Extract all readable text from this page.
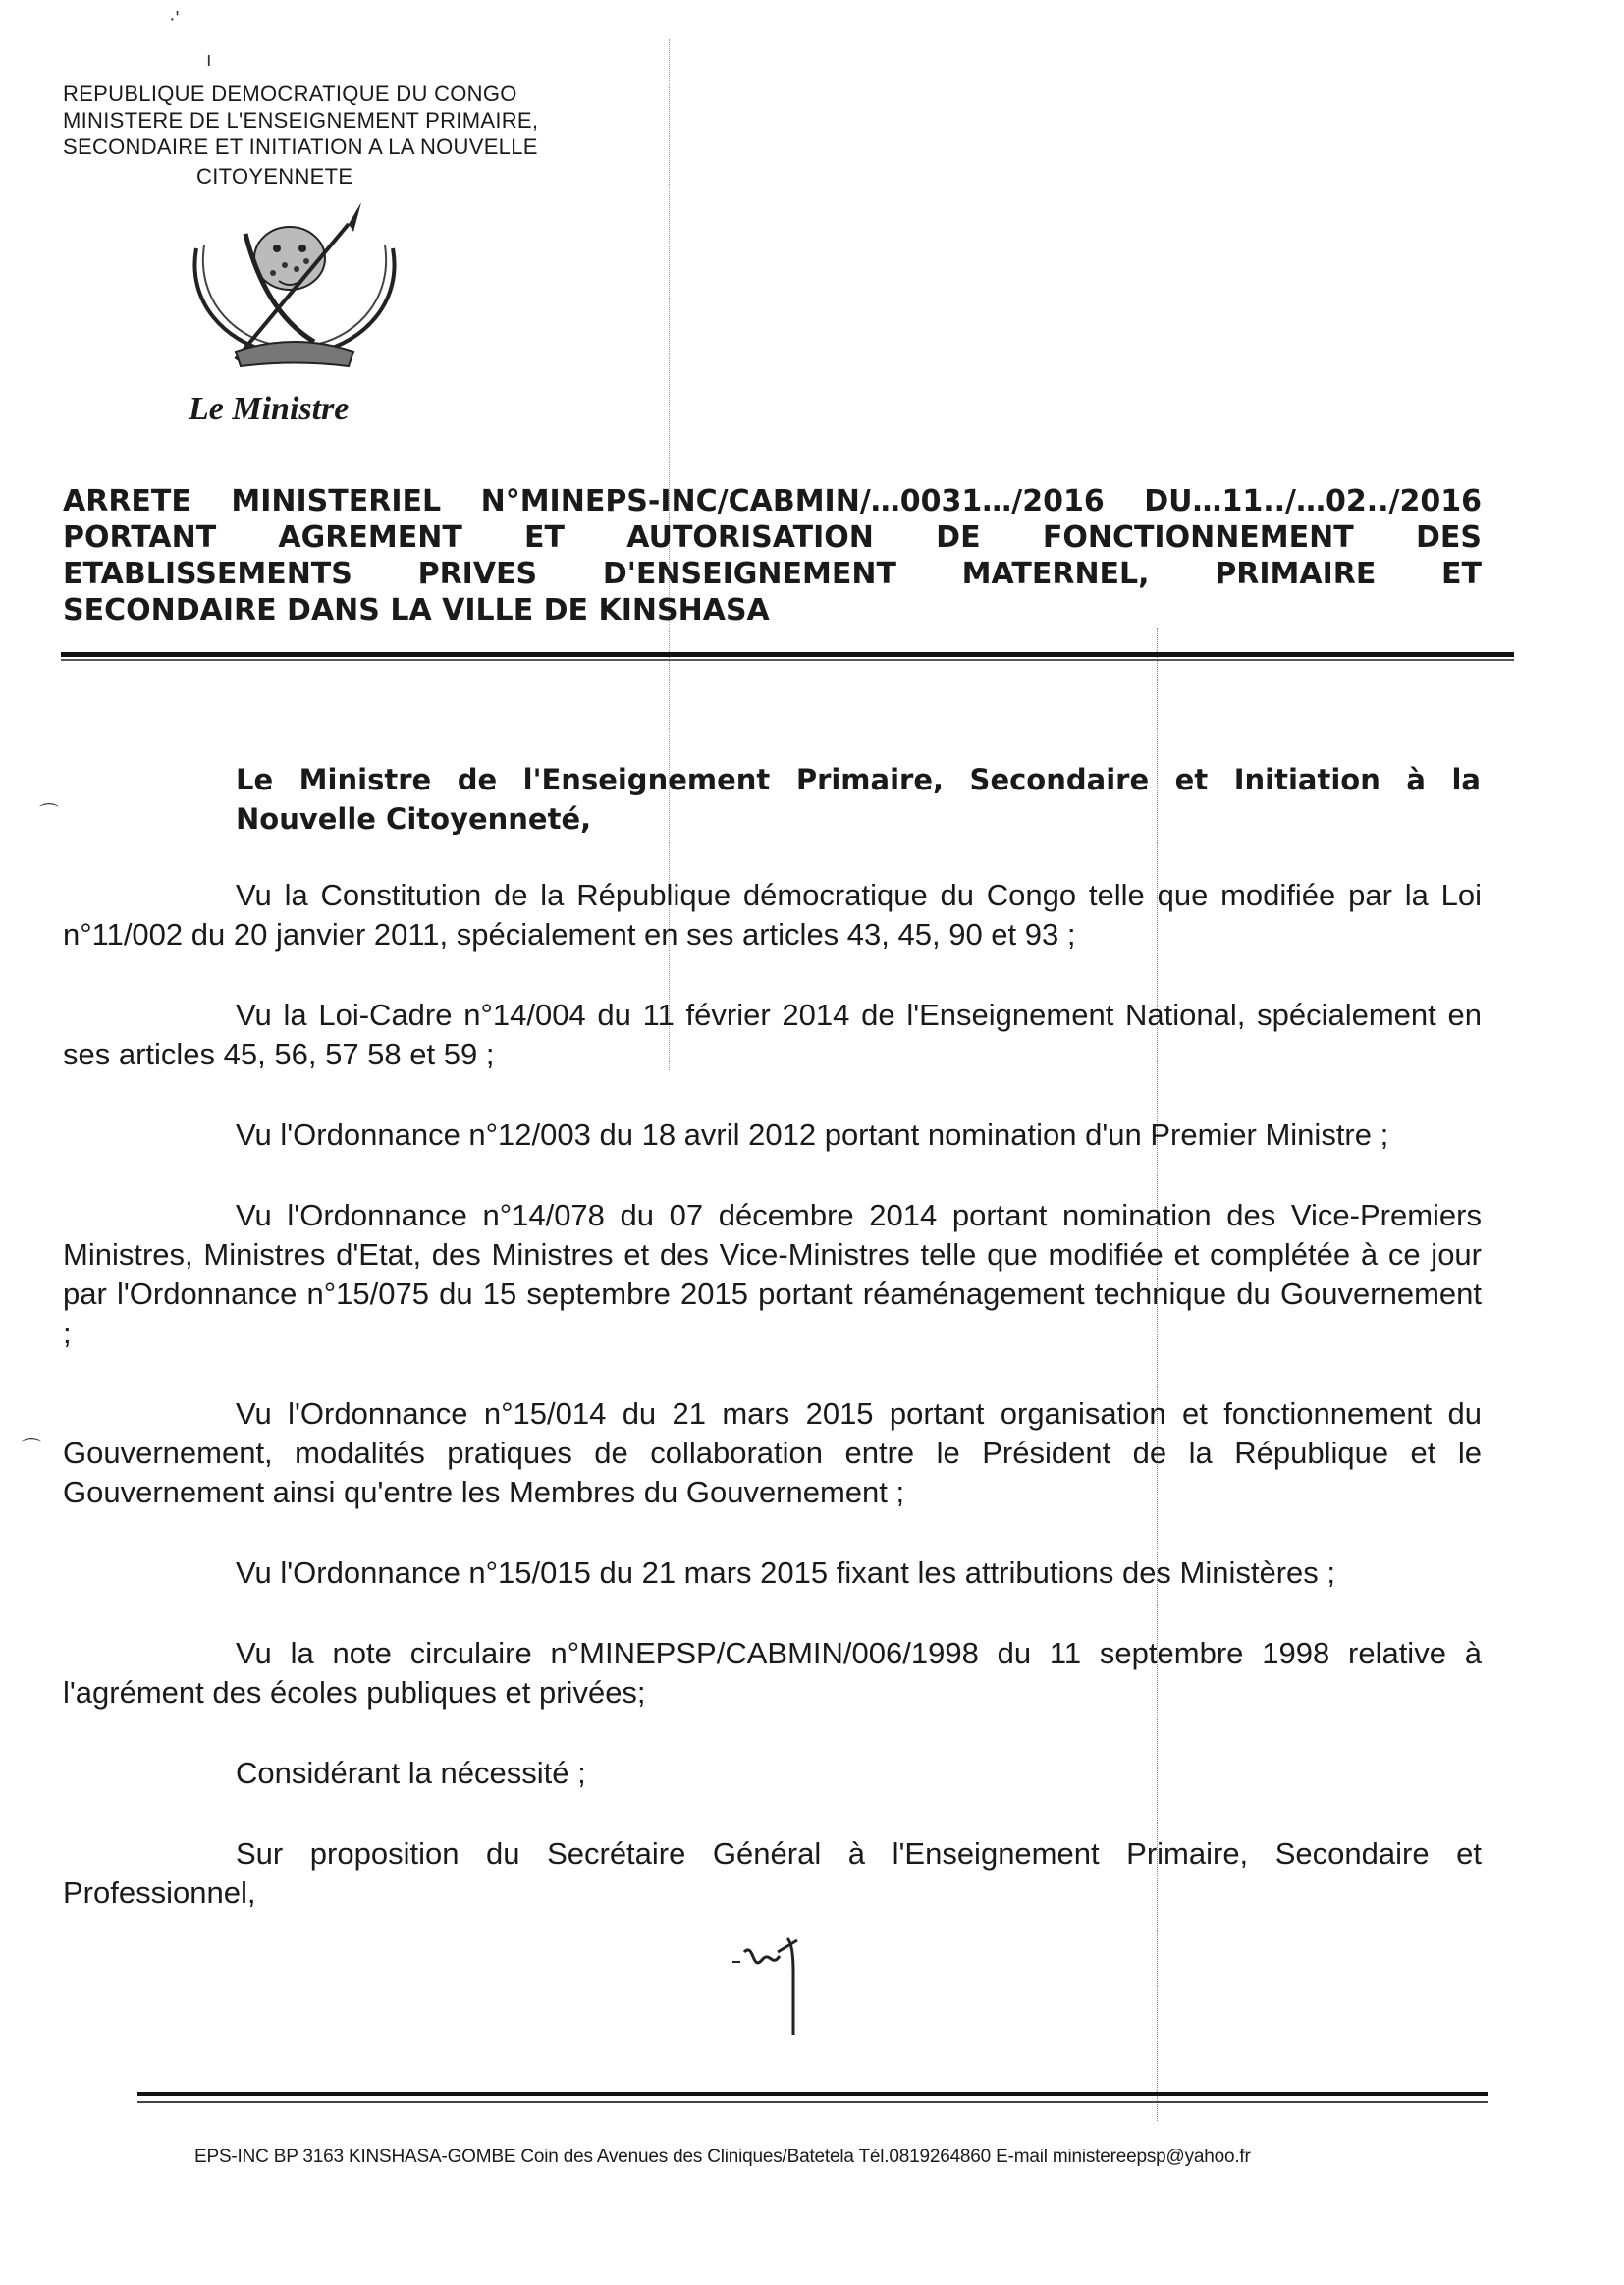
·'
ı
⌒
⌒
REPUBLIQUE DEMOCRATIQUE DU CONGO
MINISTERE DE L'ENSEIGNEMENT PRIMAIRE,
SECONDAIRE ET INITIATION A LA NOUVELLE
CITOYENNETE
Le Ministre
ARRETE MINISTERIEL N°MINEPS-INC/CABMIN/…0031…/2016 DU…11../…02../2016
PORTANT AGREMENT ET AUTORISATION DE FONCTIONNEMENT DES
ETABLISSEMENTS PRIVES D'ENSEIGNEMENT MATERNEL, PRIMAIRE ET
SECONDAIRE DANS LA VILLE DE KINSHASA
Le Ministre de l'Enseignement Primaire, Secondaire et Initiation à la Nouvelle Citoyenneté,

Vu la Constitution de la République démocratique du Congo telle que modifiée par la Loi n°11/002 du 20 janvier 2011, spécialement en ses articles 43, 45, 90 et 93 ;

Vu la Loi-Cadre n°14/004 du 11 février 2014 de l'Enseignement National, spécialement en ses articles 45, 56, 57 58 et 59 ;

Vu l'Ordonnance n°12/003 du 18 avril 2012 portant nomination d'un Premier Ministre ;

Vu l'Ordonnance n°14/078 du 07 décembre 2014 portant nomination des Vice-Premiers Ministres, Ministres d'Etat, des Ministres et des Vice-Ministres telle que modifiée et complétée à ce jour par l'Ordonnance n°15/075 du 15 septembre 2015 portant réaménagement technique du Gouvernement ;

Vu l'Ordonnance n°15/014 du 21 mars 2015 portant organisation et fonctionnement du Gouvernement, modalités pratiques de collaboration entre le Président de la République et le Gouvernement ainsi qu'entre les Membres du Gouvernement ;

Vu l'Ordonnance n°15/015 du 21 mars 2015 fixant les attributions des Ministères ;

Vu la note circulaire n°MINEPSP/CABMIN/006/1998 du 11 septembre 1998 relative à l'agrément des écoles publiques et privées;

Considérant la nécessité ;

Sur proposition du Secrétaire Général à l'Enseignement Primaire, Secondaire et Professionnel,

EPS-INC BP 3163 KINSHASA-GOMBE Coin des Avenues des Cliniques/Batetela Tél.0819264860 E-mail ministereepsp@yahoo.fr
